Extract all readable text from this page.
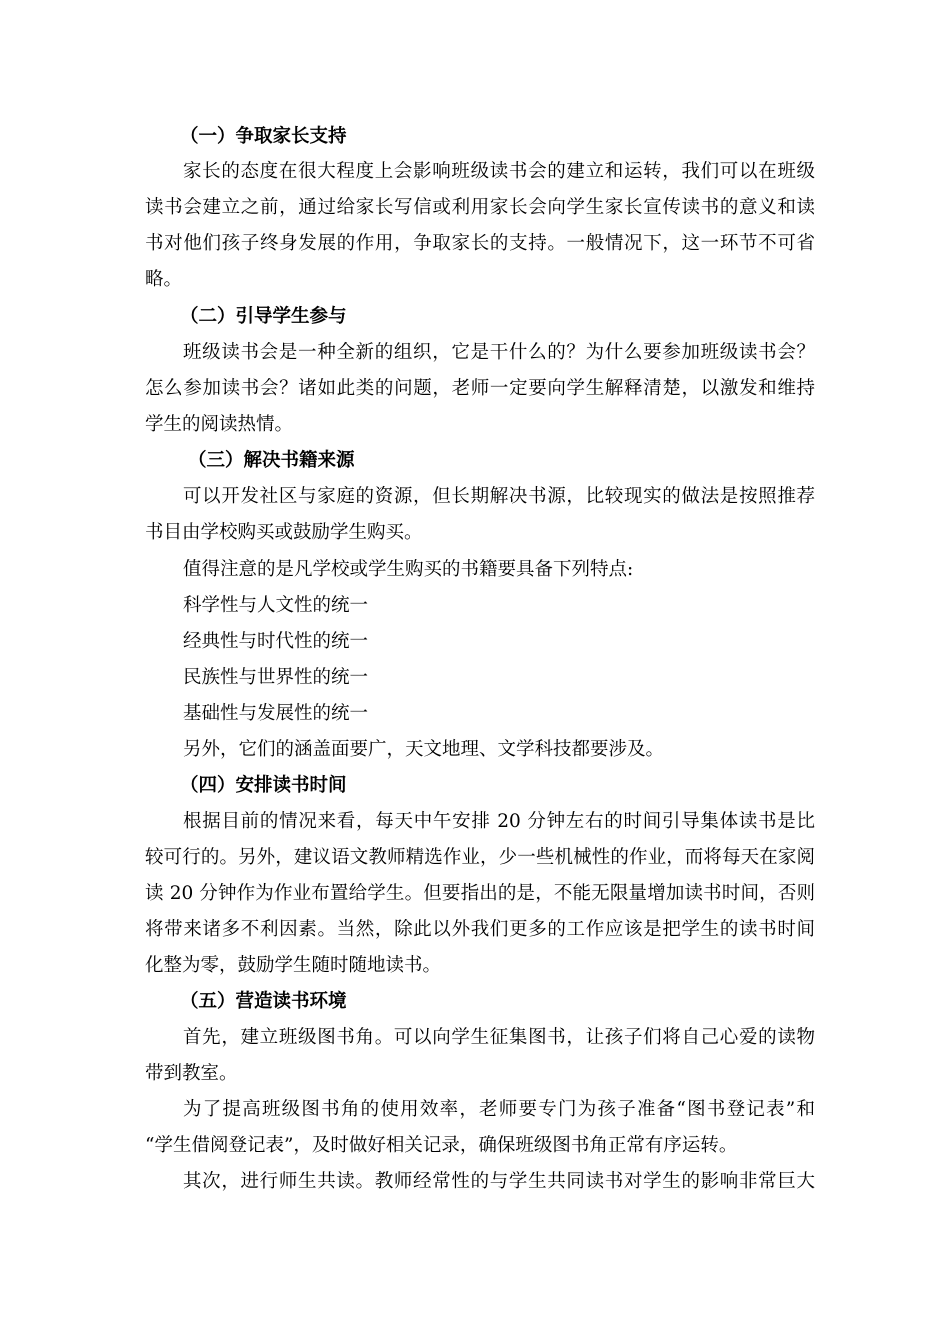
（一）争取家长支持
家长的态度在很大程度上会影响班级读书会的建立和运转，我们可以在班级
读书会建立之前，通过给家长写信或利用家长会向学生家长宣传读书的意义和读
书对他们孩子终身发展的作用，争取家长的支持。一般情况下，这一环节不可省
略。
（二）引导学生参与
班级读书会是一种全新的组织，它是干什么的？为什么要参加班级读书会？
怎么参加读书会？诸如此类的问题，老师一定要向学生解释清楚，以激发和维持
学生的阅读热情。
（三）解决书籍来源
可以开发社区与家庭的资源，但长期解决书源，比较现实的做法是按照推荐
书目由学校购买或鼓励学生购买。
值得注意的是凡学校或学生购买的书籍要具备下列特点:
科学性与人文性的统一
经典性与时代性的统一
民族性与世界性的统一
基础性与发展性的统一
另外，它们的涵盖面要广，天文地理、文学科技都要涉及。
（四）安排读书时间
根据目前的情况来看，每天中午安排 20 分钟左右的时间引导集体读书是比
较可行的。另外，建议语文教师精选作业，少一些机械性的作业，而将每天在家阅
读 20 分钟作为作业布置给学生。但要指出的是，不能无限量增加读书时间，否则
将带来诸多不利因素。当然，除此以外我们更多的工作应该是把学生的读书时间
化整为零，鼓励学生随时随地读书。
（五）营造读书环境
首先，建立班级图书角。可以向学生征集图书，让孩子们将自己心爱的读物
带到教室。
为了提高班级图书角的使用效率，老师要专门为孩子准备“图书登记表”和
“学生借阅登记表”，及时做好相关记录，确保班级图书角正常有序运转。
其次，进行师生共读。教师经常性的与学生共同读书对学生的影响非常巨大
